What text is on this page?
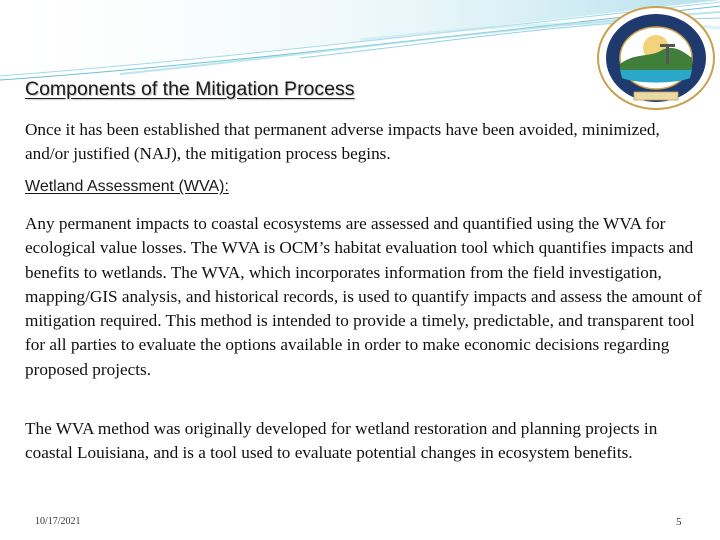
Components of the Mitigation Process
Once it has been established that permanent adverse impacts have been avoided, minimized, and/or justified (NAJ), the mitigation process begins.
Wetland Assessment (WVA):
Any permanent impacts to coastal ecosystems are assessed and quantified using the WVA for ecological value losses. The WVA is OCM’s habitat evaluation tool which quantifies impacts and benefits to wetlands. The WVA, which incorporates information from the field investigation, mapping/GIS analysis, and historical records, is used to quantify impacts and assess the amount of mitigation required. This method is intended to provide a timely, predictable, and transparent tool for all parties to evaluate the options available in order to make economic decisions regarding proposed projects.
The WVA method was originally developed for wetland restoration and planning projects in coastal Louisiana, and is a tool used to evaluate potential changes in ecosystem benefits.
10/17/2021	5
